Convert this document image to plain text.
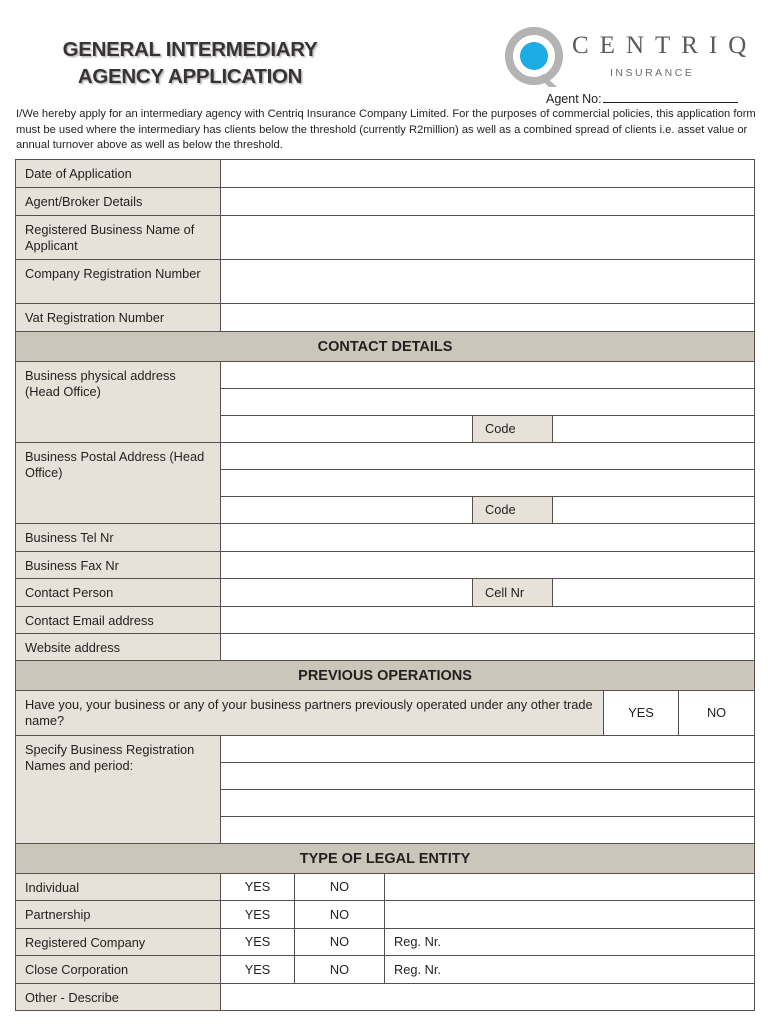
GENERAL INTERMEDIARY
AGENCY APPLICATION
CENTRIQ
INSURANCE
Agent No:
I/We hereby apply for an intermediary agency with Centriq Insurance Company Limited. For the purposes of commercial policies, this application form must be used where the intermediary has clients below the threshold (currently R2million) as well as a combined spread of clients i.e. asset value or annual turnover above as well as below the threshold.
Date of Application							
Agent/Broker Details							
Registered Business Name of Applicant							
Company Registration Number							
Vat Registration Number							
CONTACT DETAILS							
Business physical address (Head Office)							

				Code			
Business Postal Address (Head Office)							

				Code			
Business Tel Nr							
Business Fax Nr							
Contact Person				Cell Nr			
Contact Email address							
Website address							
PREVIOUS OPERATIONS							
Have you, your business or any of your business partners previously operated under any other trade name?						YES	NO
Specify Business Registration Names and period:							

TYPE OF LEGAL ENTITY							
Individual	YES	NO					
Partnership	YES	NO					
Registered Company	YES	NO	Reg. Nr.				
Close Corporation	YES	NO	Reg. Nr.				
Other - Describe							
